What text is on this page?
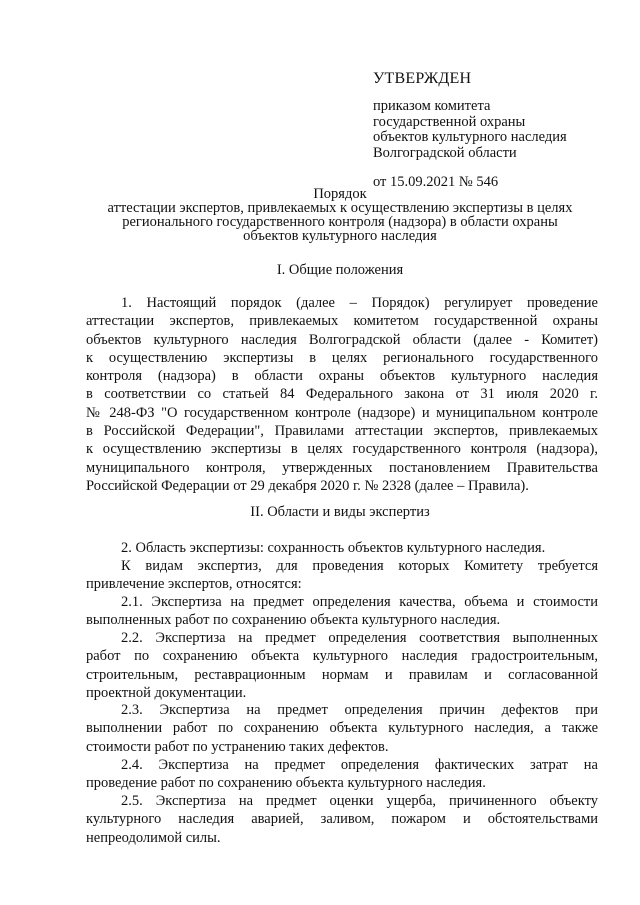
УТВЕРЖДЕН
приказом комитета
государственной охраны
объектов культурного наследия
Волгоградской области
от 15.09.2021 № 546
Порядок
аттестации экспертов, привлекаемых к осуществлению экспертизы в целях
регионального государственного контроля (надзора) в области охраны
объектов культурного наследия
I. Общие положения
1. Настоящий порядок (далее – Порядок) регулирует проведение
аттестации экспертов, привлекаемых комитетом государственной охраны
объектов культурного наследия Волгоградской области (далее - Комитет)
к осуществлению экспертизы в целях регионального государственного
контроля (надзора) в области охраны объектов культурного наследия
в соответствии со статьей 84 Федерального закона от 31 июля 2020 г.
№ 248-ФЗ "О государственном контроле (надзоре) и муниципальном контроле
в Российской Федерации", Правилами аттестации экспертов, привлекаемых
к осуществлению экспертизы в целях государственного контроля (надзора),
муниципального контроля, утвержденных постановлением Правительства
Российской Федерации от 29 декабря 2020 г. № 2328 (далее – Правила).
II. Области и виды экспертиз
2. Область экспертизы: сохранность объектов культурного наследия.
К видам экспертиз, для проведения которых Комитету требуется
привлечение экспертов, относятся:
2.1. Экспертиза на предмет определения качества, объема и стоимости
выполненных работ по сохранению объекта культурного наследия.
2.2. Экспертиза на предмет определения соответствия выполненных
работ по сохранению объекта культурного наследия градостроительным,
строительным, реставрационным нормам и правилам и согласованной
проектной документации.
2.3. Экспертиза на предмет определения причин дефектов при
выполнении работ по сохранению объекта культурного наследия, а также
стоимости работ по устранению таких дефектов.
2.4. Экспертиза на предмет определения фактических затрат на
проведение работ по сохранению объекта культурного наследия.
2.5. Экспертиза на предмет оценки ущерба, причиненного объекту
культурного наследия аварией, заливом, пожаром и обстоятельствами
непреодолимой силы.
